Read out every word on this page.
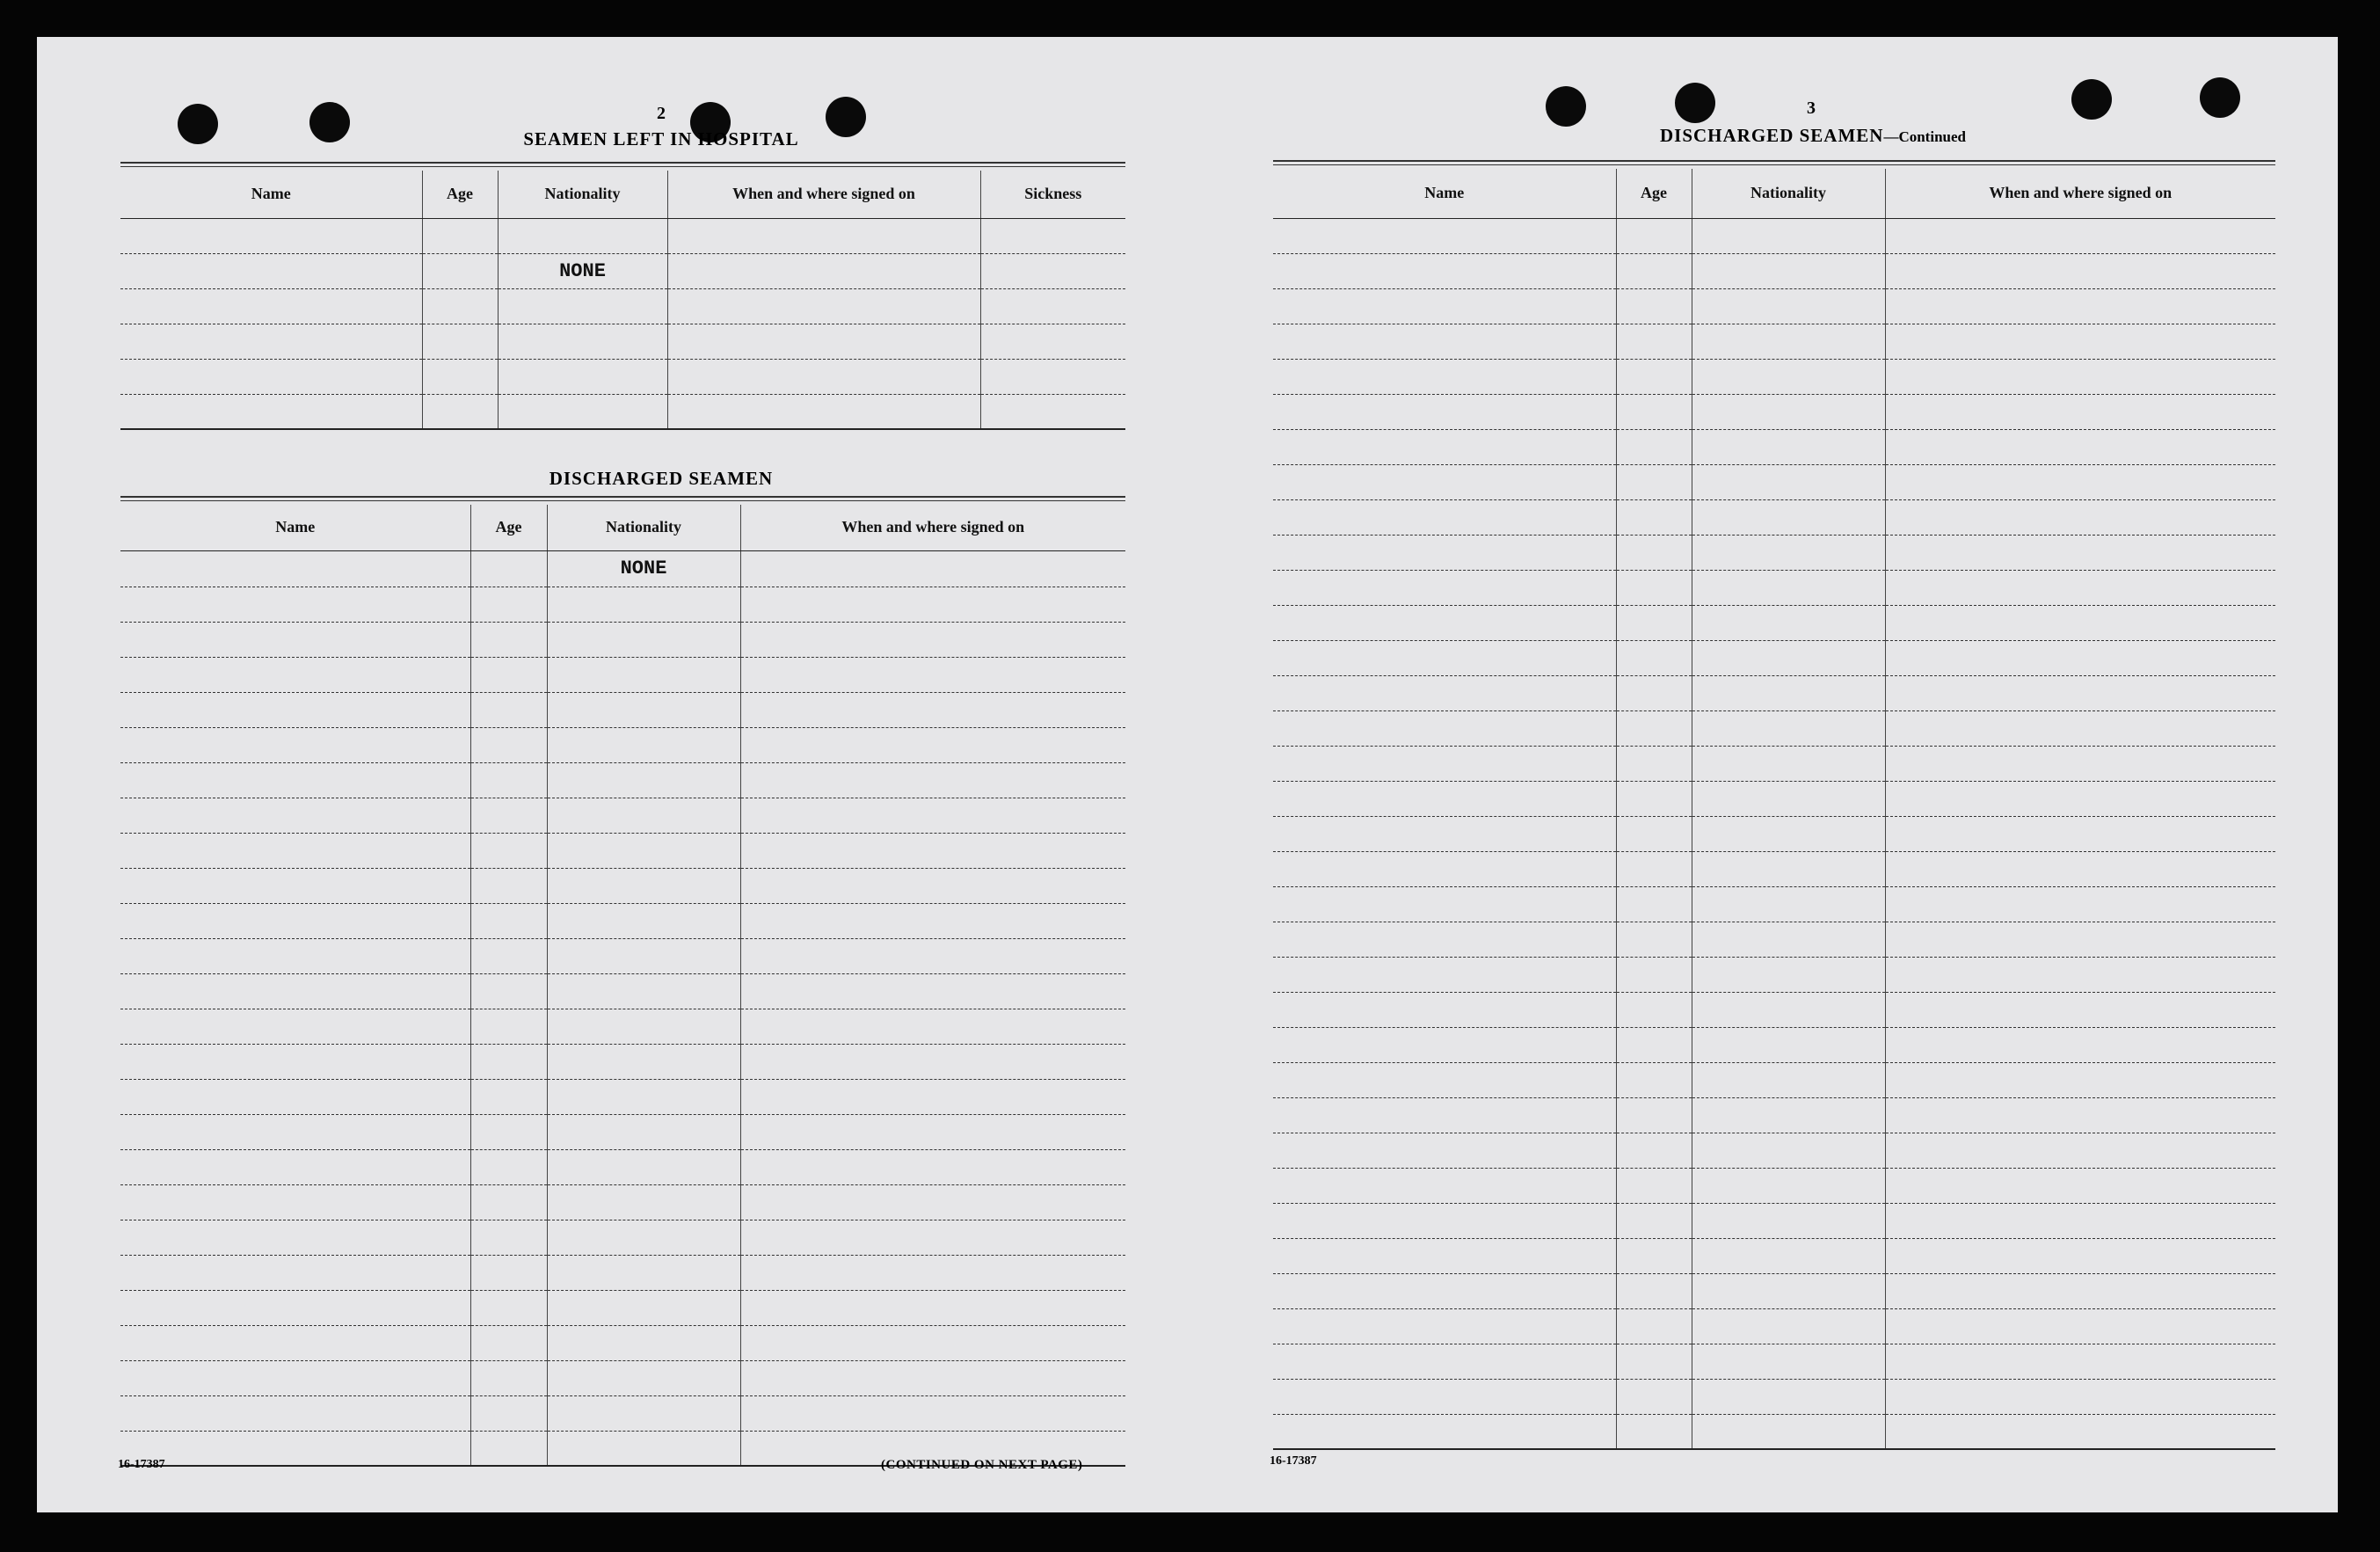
2
SEAMEN LEFT IN HOSPITAL
Name	Age	Nationality	When and where signed on	Sickness

		NONE		

DISCHARGED SEAMEN
Name	Age	Nationality	When and where signed on
		NONE	

16-17387	(CONTINUED ON NEXT PAGE)
3
DISCHARGED SEAMEN—Continued
Name	Age	Nationality	When and where signed on

16-17387
